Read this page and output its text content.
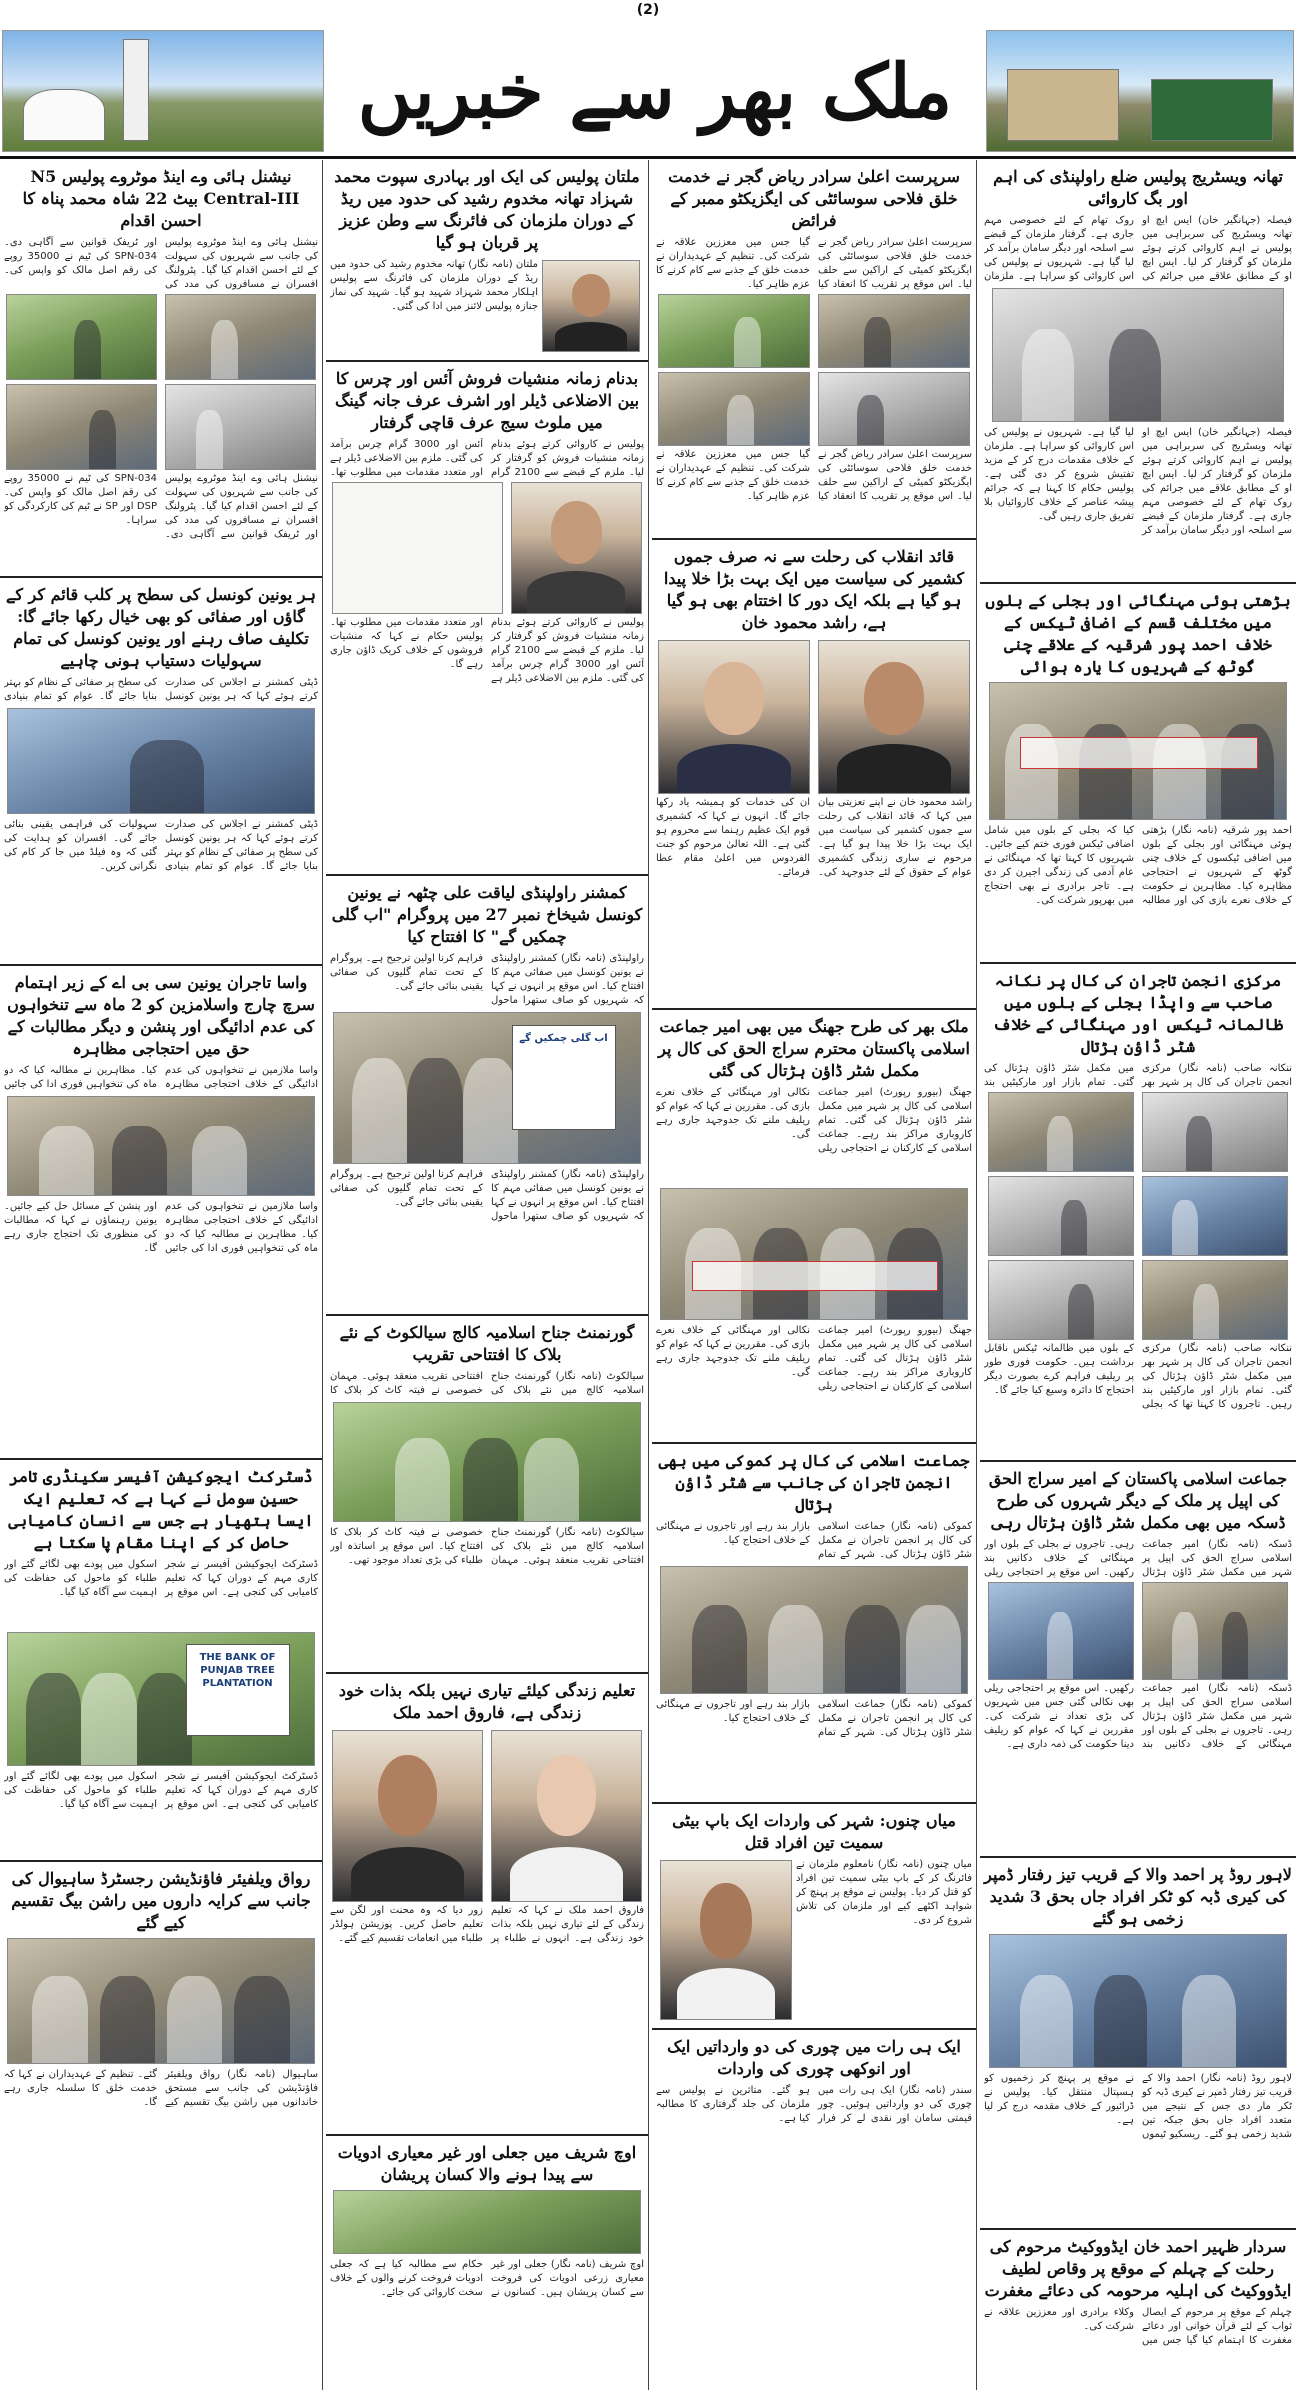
(2)
ملک بھر سے خبریں
تھانہ ویسٹریج پولیس ضلع راولپنڈی کی اہم اور بگ کاروائی
فیصلہ (جہانگیر خان) ایس ایچ او تھانہ ویسٹریج کی سربراہی میں پولیس نے اہم کاروائی کرتے ہوئے ملزمان کو گرفتار کر لیا۔ ایس ایچ او کے مطابق علاقے میں جرائم کی روک تھام کے لئے خصوصی مہم جاری ہے۔ گرفتار ملزمان کے قبضے سے اسلحہ اور دیگر سامان برآمد کر لیا گیا ہے۔ شہریوں نے پولیس کی اس کاروائی کو سراہا ہے۔ ملزمان
فیصلہ (جہانگیر خان) ایس ایچ او تھانہ ویسٹریج کی سربراہی میں پولیس نے اہم کاروائی کرتے ہوئے ملزمان کو گرفتار کر لیا۔ ایس ایچ او کے مطابق علاقے میں جرائم کی روک تھام کے لئے خصوصی مہم جاری ہے۔ گرفتار ملزمان کے قبضے سے اسلحہ اور دیگر سامان برآمد کر لیا گیا ہے۔ شہریوں نے پولیس کی اس کاروائی کو سراہا ہے۔ ملزمان کے خلاف مقدمات درج کر کے مزید تفتیش شروع کر دی گئی ہے۔ پولیس حکام کا کہنا ہے کہ جرائم پیشہ عناصر کے خلاف کاروائیاں بلا تفریق جاری رہیں گی۔
بڑھتی ہوئی مہنگائی اور بجلی کے بلوں میں مختلف قسم کے اضافی ٹیکس کے خلاف احمد پور شرقیہ کے علاقے چنی گوٹھ کے شہریوں کا یارہ ہوائی
احمد پور شرقیہ (نامہ نگار) بڑھتی ہوئی مہنگائی اور بجلی کے بلوں میں اضافی ٹیکسوں کے خلاف چنی گوٹھ کے شہریوں نے احتجاجی مظاہرہ کیا۔ مظاہرین نے حکومت کے خلاف نعرے بازی کی اور مطالبہ کیا کہ بجلی کے بلوں میں شامل اضافی ٹیکس فوری ختم کیے جائیں۔ شہریوں کا کہنا تھا کہ مہنگائی نے عام آدمی کی زندگی اجیرن کر دی ہے۔ تاجر برادری نے بھی احتجاج میں بھرپور شرکت کی۔
مرکزی انجمن تاجران کی کال پر نکانہ صاحب سے واپڈا بجلی کے بلوں میں ظالمانہ ٹیکس اور مہنگائی کے خلاف شٹر ڈاؤن ہڑتال
ننکانہ صاحب (نامہ نگار) مرکزی انجمن تاجران کی کال پر شہر بھر میں مکمل شٹر ڈاؤن ہڑتال کی گئی۔ تمام بازار اور مارکیٹیں بند
ننکانہ صاحب (نامہ نگار) مرکزی انجمن تاجران کی کال پر شہر بھر میں مکمل شٹر ڈاؤن ہڑتال کی گئی۔ تمام بازار اور مارکیٹیں بند رہیں۔ تاجروں کا کہنا تھا کہ بجلی کے بلوں میں ظالمانہ ٹیکس ناقابل برداشت ہیں۔ حکومت فوری طور پر ریلیف فراہم کرے بصورت دیگر احتجاج کا دائرہ وسیع کیا جائے گا۔
جماعت اسلامی پاکستان کے امیر سراج الحق کی اپیل پر ملک کے دیگر شہروں کی طرح ڈسکہ میں بھی مکمل شٹر ڈاؤن ہڑتال رہی
ڈسکہ (نامہ نگار) امیر جماعت اسلامی سراج الحق کی اپیل پر شہر میں مکمل شٹر ڈاؤن ہڑتال رہی۔ تاجروں نے بجلی کے بلوں اور مہنگائی کے خلاف دکانیں بند رکھیں۔ اس موقع پر احتجاجی ریلی
ڈسکہ (نامہ نگار) امیر جماعت اسلامی سراج الحق کی اپیل پر شہر میں مکمل شٹر ڈاؤن ہڑتال رہی۔ تاجروں نے بجلی کے بلوں اور مہنگائی کے خلاف دکانیں بند رکھیں۔ اس موقع پر احتجاجی ریلی بھی نکالی گئی جس میں شہریوں کی بڑی تعداد نے شرکت کی۔ مقررین نے کہا کہ عوام کو ریلیف دینا حکومت کی ذمہ داری ہے۔
لاہور روڈ پر احمد والا کے قریب تیز رفتار ڈمپر کی کیری ڈبہ کو ٹکر افراد جاں بحق 3 شدید زخمی ہو گئے
لاہور روڈ (نامہ نگار) احمد والا کے قریب تیز رفتار ڈمپر نے کیری ڈبہ کو ٹکر مار دی جس کے نتیجے میں متعدد افراد جاں بحق جبکہ تین شدید زخمی ہو گئے۔ ریسکیو ٹیموں نے موقع پر پہنچ کر زخمیوں کو ہسپتال منتقل کیا۔ پولیس نے ڈرائیور کے خلاف مقدمہ درج کر لیا ہے۔
سردار ظہیر احمد خان ایڈووکیٹ مرحوم کی رحلت کے چہلم کے موقع پر وقاص لطیف ایڈووکیٹ کی اہلیہ مرحومہ کی دعائے مغفرت
چہلم کے موقع پر مرحوم کے ایصال ثواب کے لئے قرآن خوانی اور دعائے مغفرت کا اہتمام کیا گیا جس میں وکلاء برادری اور معززین علاقہ نے شرکت کی۔
سرپرست اعلیٰ سرادر ریاض گجر نے خدمت خلق فلاحی سوسائٹی کی ایگزیکٹو ممبر کے فرائض
سرپرست اعلیٰ سرادر ریاض گجر نے خدمت خلق فلاحی سوسائٹی کی ایگزیکٹو کمیٹی کے اراکین سے حلف لیا۔ اس موقع پر تقریب کا انعقاد کیا گیا جس میں معززین علاقہ نے شرکت کی۔ تنظیم کے عہدیداران نے خدمت خلق کے جذبے سے کام کرنے کا عزم ظاہر کیا۔
سرپرست اعلیٰ سرادر ریاض گجر نے خدمت خلق فلاحی سوسائٹی کی ایگزیکٹو کمیٹی کے اراکین سے حلف لیا۔ اس موقع پر تقریب کا انعقاد کیا گیا جس میں معززین علاقہ نے شرکت کی۔ تنظیم کے عہدیداران نے خدمت خلق کے جذبے سے کام کرنے کا عزم ظاہر کیا۔
قائد انقلاب کی رحلت سے نہ صرف جموں کشمیر کی سیاست میں ایک بہت بڑا خلا پیدا ہو گیا ہے بلکہ ایک دور کا اختتام بھی ہو گیا ہے، راشد محمود خان
راشد محمود خان نے اپنے تعزیتی بیان میں کہا کہ قائد انقلاب کی رحلت سے جموں کشمیر کی سیاست میں ایک بہت بڑا خلا پیدا ہو گیا ہے۔ مرحوم نے ساری زندگی کشمیری عوام کے حقوق کے لئے جدوجہد کی۔ ان کی خدمات کو ہمیشہ یاد رکھا جائے گا۔ انہوں نے کہا کہ کشمیری قوم ایک عظیم رہنما سے محروم ہو گئی ہے۔ اللہ تعالیٰ مرحوم کو جنت الفردوس میں اعلیٰ مقام عطا فرمائے۔
ملک بھر کی طرح جھنگ میں بھی امیر جماعت اسلامی پاکستان محترم سراج الحق کی کال پر مکمل شٹر ڈاؤن ہڑتال کی گئی
جھنگ (بیورو رپورٹ) امیر جماعت اسلامی کی کال پر شہر میں مکمل شٹر ڈاؤن ہڑتال کی گئی۔ تمام کاروباری مراکز بند رہے۔ جماعت اسلامی کے کارکنان نے احتجاجی ریلی نکالی اور مہنگائی کے خلاف نعرے بازی کی۔ مقررین نے کہا کہ عوام کو ریلیف ملنے تک جدوجہد جاری رہے گی۔
جھنگ (بیورو رپورٹ) امیر جماعت اسلامی کی کال پر شہر میں مکمل شٹر ڈاؤن ہڑتال کی گئی۔ تمام کاروباری مراکز بند رہے۔ جماعت اسلامی کے کارکنان نے احتجاجی ریلی نکالی اور مہنگائی کے خلاف نعرے بازی کی۔ مقررین نے کہا کہ عوام کو ریلیف ملنے تک جدوجہد جاری رہے گی۔
جماعت اسلامی کی کال پر کموکی میں بھی انجمن تاجران کی جانب سے شٹر ڈاؤن ہڑتال
کموکی (نامہ نگار) جماعت اسلامی کی کال پر انجمن تاجران نے مکمل شٹر ڈاؤن ہڑتال کی۔ شہر کے تمام بازار بند رہے اور تاجروں نے مہنگائی کے خلاف احتجاج کیا۔
کموکی (نامہ نگار) جماعت اسلامی کی کال پر انجمن تاجران نے مکمل شٹر ڈاؤن ہڑتال کی۔ شہر کے تمام بازار بند رہے اور تاجروں نے مہنگائی کے خلاف احتجاج کیا۔
میاں چنوں: شہر کی واردات ایک باپ بیٹی سمیت تین افراد قتل
میاں چنوں (نامہ نگار) نامعلوم ملزمان نے فائرنگ کر کے باپ بیٹی سمیت تین افراد کو قتل کر دیا۔ پولیس نے موقع پر پہنچ کر شواہد اکٹھے کیے اور ملزمان کی تلاش شروع کر دی۔
ایک ہی رات میں چوری کی دو وارداتیں ایک اور انوکھی چوری کی واردات
سندر (نامہ نگار) ایک ہی رات میں چوری کی دو وارداتیں ہوئیں۔ چور قیمتی سامان اور نقدی لے کر فرار ہو گئے۔ متاثرین نے پولیس سے ملزمان کی جلد گرفتاری کا مطالبہ کیا ہے۔
ملتان پولیس کی ایک اور بہادری سپوت محمد شہزاد تھانہ مخدوم رشید کی حدود میں ریڈ کے دوران ملزمان کی فائرنگ سے وطن عزیز پر قربان ہو گیا
ملتان (نامہ نگار) تھانہ مخدوم رشید کی حدود میں ریڈ کے دوران ملزمان کی فائرنگ سے پولیس اہلکار محمد شہزاد شہید ہو گیا۔ شہید کی نماز جنازہ پولیس لائنز میں ادا کی گئی۔
بدنام زمانہ منشیات فروش آئس اور چرس کا بین الاضلاعی ڈیلر اور اشرف عرف جانہ گینگ میں ملوث سیج عرف قاچی گرفتار
پولیس نے کاروائی کرتے ہوئے بدنام زمانہ منشیات فروش کو گرفتار کر لیا۔ ملزم کے قبضے سے 2100 گرام آئس اور 3000 گرام چرس برآمد کی گئی۔ ملزم بین الاضلاعی ڈیلر ہے اور متعدد مقدمات میں مطلوب تھا۔
پولیس نے کاروائی کرتے ہوئے بدنام زمانہ منشیات فروش کو گرفتار کر لیا۔ ملزم کے قبضے سے 2100 گرام آئس اور 3000 گرام چرس برآمد کی گئی۔ ملزم بین الاضلاعی ڈیلر ہے اور متعدد مقدمات میں مطلوب تھا۔ پولیس حکام نے کہا کہ منشیات فروشوں کے خلاف کریک ڈاؤن جاری رہے گا۔
کمشنر راولپنڈی لیاقت علی چٹھہ نے یونین کونسل شیخاخ نمبر 27 میں پروگرام "اب گلی چمکیں گے" کا افتتاح کیا
راولپنڈی (نامہ نگار) کمشنر راولپنڈی نے یونین کونسل میں صفائی مہم کا افتتاح کیا۔ اس موقع پر انہوں نے کہا کہ شہریوں کو صاف ستھرا ماحول فراہم کرنا اولین ترجیح ہے۔ پروگرام کے تحت تمام گلیوں کی صفائی یقینی بنائی جائے گی۔
اب گلی چمکیں گے
راولپنڈی (نامہ نگار) کمشنر راولپنڈی نے یونین کونسل میں صفائی مہم کا افتتاح کیا۔ اس موقع پر انہوں نے کہا کہ شہریوں کو صاف ستھرا ماحول فراہم کرنا اولین ترجیح ہے۔ پروگرام کے تحت تمام گلیوں کی صفائی یقینی بنائی جائے گی۔
گورنمنٹ جناح اسلامیہ کالج سیالکوٹ کے نئے بلاک کا افتتاحی تقریب
سیالکوٹ (نامہ نگار) گورنمنٹ جناح اسلامیہ کالج میں نئے بلاک کی افتتاحی تقریب منعقد ہوئی۔ مہمان خصوصی نے فیتہ کاٹ کر بلاک کا
سیالکوٹ (نامہ نگار) گورنمنٹ جناح اسلامیہ کالج میں نئے بلاک کی افتتاحی تقریب منعقد ہوئی۔ مہمان خصوصی نے فیتہ کاٹ کر بلاک کا افتتاح کیا۔ اس موقع پر اساتذہ اور طلباء کی بڑی تعداد موجود تھی۔
تعلیم زندگی کیلئے تیاری نہیں بلکہ بذات خود زندگی ہے، فاروق احمد ملک
فاروق احمد ملک نے کہا کہ تعلیم زندگی کے لئے تیاری نہیں بلکہ بذات خود زندگی ہے۔ انہوں نے طلباء پر زور دیا کہ وہ محنت اور لگن سے تعلیم حاصل کریں۔ پوزیشن ہولڈر طلباء میں انعامات تقسیم کیے گئے۔
اوچ شریف میں جعلی اور غیر معیاری ادویات سے پیدا ہونے والا کسان پریشان
اوچ شریف (نامہ نگار) جعلی اور غیر معیاری زرعی ادویات کی فروخت سے کسان پریشان ہیں۔ کسانوں نے حکام سے مطالبہ کیا ہے کہ جعلی ادویات فروخت کرنے والوں کے خلاف سخت کاروائی کی جائے۔
نیشنل ہائی وے اینڈ موٹروے پولیس N5 Central-III بیٹ 22 شاہ محمد پناہ کا احسن اقدام
نیشنل ہائی وے اینڈ موٹروے پولیس کی جانب سے شہریوں کی سہولت کے لئے احسن اقدام کیا گیا۔ پٹرولنگ افسران نے مسافروں کی مدد کی اور ٹریفک قوانین سے آگاہی دی۔ SPN-034 کی ٹیم نے 35000 روپے کی رقم اصل مالک کو واپس کی۔
نیشنل ہائی وے اینڈ موٹروے پولیس کی جانب سے شہریوں کی سہولت کے لئے احسن اقدام کیا گیا۔ پٹرولنگ افسران نے مسافروں کی مدد کی اور ٹریفک قوانین سے آگاہی دی۔ SPN-034 کی ٹیم نے 35000 روپے کی رقم اصل مالک کو واپس کی۔ DSP اور SP نے ٹیم کی کارکردگی کو سراہا۔
ہر یونین کونسل کی سطح پر کلب قائم کر کے گاؤں اور صفائی کو بھی خیال رکھا جائے گا: تکلیف صاف رہنے اور یونین کونسل کی تمام سہولیات دستیاب ہونی چاہیے
ڈپٹی کمشنر نے اجلاس کی صدارت کرتے ہوئے کہا کہ ہر یونین کونسل کی سطح پر صفائی کے نظام کو بہتر بنایا جائے گا۔ عوام کو تمام بنیادی
ڈپٹی کمشنر نے اجلاس کی صدارت کرتے ہوئے کہا کہ ہر یونین کونسل کی سطح پر صفائی کے نظام کو بہتر بنایا جائے گا۔ عوام کو تمام بنیادی سہولیات کی فراہمی یقینی بنائی جائے گی۔ افسران کو ہدایت کی گئی کہ وہ فیلڈ میں جا کر کام کی نگرانی کریں۔
واسا تاجران یونین سی بی اے کے زیر اہتمام سرچ چارج واسلامزین کو 2 ماہ سے تنخواہوں کی عدم ادائیگی اور پنشن و دیگر مطالبات کے حق میں احتجاجی مظاہرہ
واسا ملازمین نے تنخواہوں کی عدم ادائیگی کے خلاف احتجاجی مظاہرہ کیا۔ مظاہرین نے مطالبہ کیا کہ دو ماہ کی تنخواہیں فوری ادا کی جائیں
واسا ملازمین نے تنخواہوں کی عدم ادائیگی کے خلاف احتجاجی مظاہرہ کیا۔ مظاہرین نے مطالبہ کیا کہ دو ماہ کی تنخواہیں فوری ادا کی جائیں اور پنشن کے مسائل حل کیے جائیں۔ یونین رہنماؤں نے کہا کہ مطالبات کی منظوری تک احتجاج جاری رہے گا۔
ڈسٹرکٹ ایجوکیشن آفیسر سکینڈری تامر حسین سومل نے کہا ہے کہ تعلیم ایک ایسا ہتھیار ہے جس سے انسان کامیابی حاصل کر کے اپنا مقام پا سکتا ہے
ڈسٹرکٹ ایجوکیشن آفیسر نے شجر کاری مہم کے دوران کہا کہ تعلیم کامیابی کی کنجی ہے۔ اس موقع پر اسکول میں پودے بھی لگائے گئے اور طلباء کو ماحول کی حفاظت کی اہمیت سے آگاہ کیا گیا۔
THE BANK OF PUNJAB TREE PLANTATION
ڈسٹرکٹ ایجوکیشن آفیسر نے شجر کاری مہم کے دوران کہا کہ تعلیم کامیابی کی کنجی ہے۔ اس موقع پر اسکول میں پودے بھی لگائے گئے اور طلباء کو ماحول کی حفاظت کی اہمیت سے آگاہ کیا گیا۔
رواق ویلفیئر فاؤنڈیشن رجسٹرڈ ساہیوال کی جانب سے کرایہ داروں میں راشن بیگ تقسیم کیے گئے
ساہیوال (نامہ نگار) رواق ویلفیئر فاؤنڈیشن کی جانب سے مستحق خاندانوں میں راشن بیگ تقسیم کیے گئے۔ تنظیم کے عہدیداران نے کہا کہ خدمت خلق کا سلسلہ جاری رہے گا۔
